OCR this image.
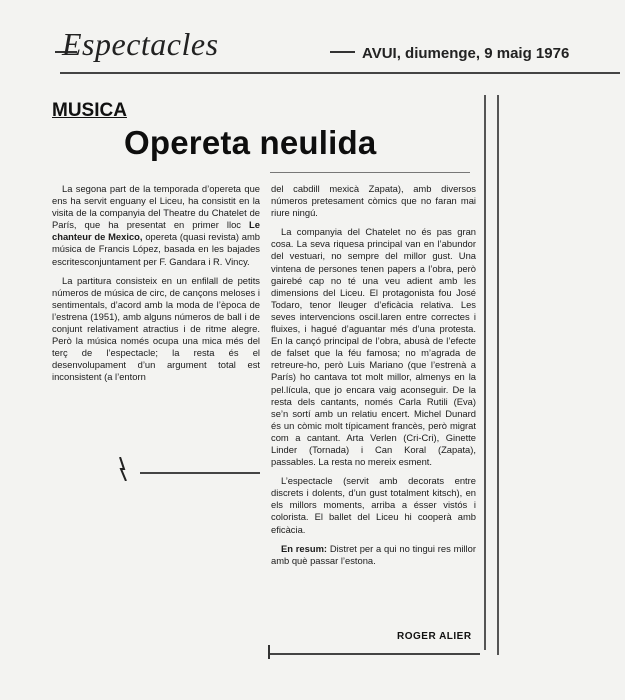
Espectacles	AVUI, diumenge, 9 maig 1976
MUSICA
Opereta neulida

La segona part de la temporada d’opereta que ens ha servit enguany el Liceu, ha consistit en la visita de la companyia del Theatre du Chatelet de París, que ha presentat en primer lloc Le chanteur de Mexico, opereta (quasi revista) amb música de Francis López, basada en les bajades escritesconjuntament per F. Gandara i R. Vincy.

La partitura consisteix en un enfilall de petits números de música de circ, de cançons meloses i sentimentals, d’acord amb la moda de l’època de l’estrena (1951), amb alguns números de ball i de conjunt relativament atractius i de ritme alegre. Però la música només ocupa una mica més del terç de l’espectacle; la resta és el desenvolupament d’un argument total est inconsistent (a l’entorn

del cabdill mexicà Zapata), amb diversos números pretesament còmics que no faran mai riure ningú.

La companyia del Chatelet no és pas gran cosa. La seva riquesa principal van en l’abundor del vestuari, no sempre del millor gust. Una vintena de persones tenen papers a l’obra, però gairebé cap no té una veu adient amb les dimensions del Liceu. El protagonista fou José Todaro, tenor lleuger d’eficàcia relativa. Les seves intervencions oscil.laren entre correctes i fluixes, i hagué d’aguantar més d’una protesta. En la cançó principal de l’obra, abusà de l’efecte de falset que la féu famosa; no m’agrada de retreure-ho, però Luis Mariano (que l’estrenà a París) ho cantava tot molt millor, almenys en la pel.lícula, que jo encara vaig aconseguir. De la resta dels cantants, només Carla Rutili (Eva) se’n sortí amb un relatiu encert. Michel Dunard és un còmic molt típicament francès, però migrat com a cantant. Arta Verlen (Cri-Cri), Ginette Linder (Tornada) i Can Koral (Zapata), passables. La resta no mereix esment.

L’espectacle (servit amb decorats entre discrets i dolents, d’un gust totalment kitsch), en els millors moments, arriba a ésser vistós i colorista. El ballet del Liceu hi cooperà amb eficàcia.

En resum: Distret per a qui no tingui res millor amb què passar l’estona.

ROGER ALIER
